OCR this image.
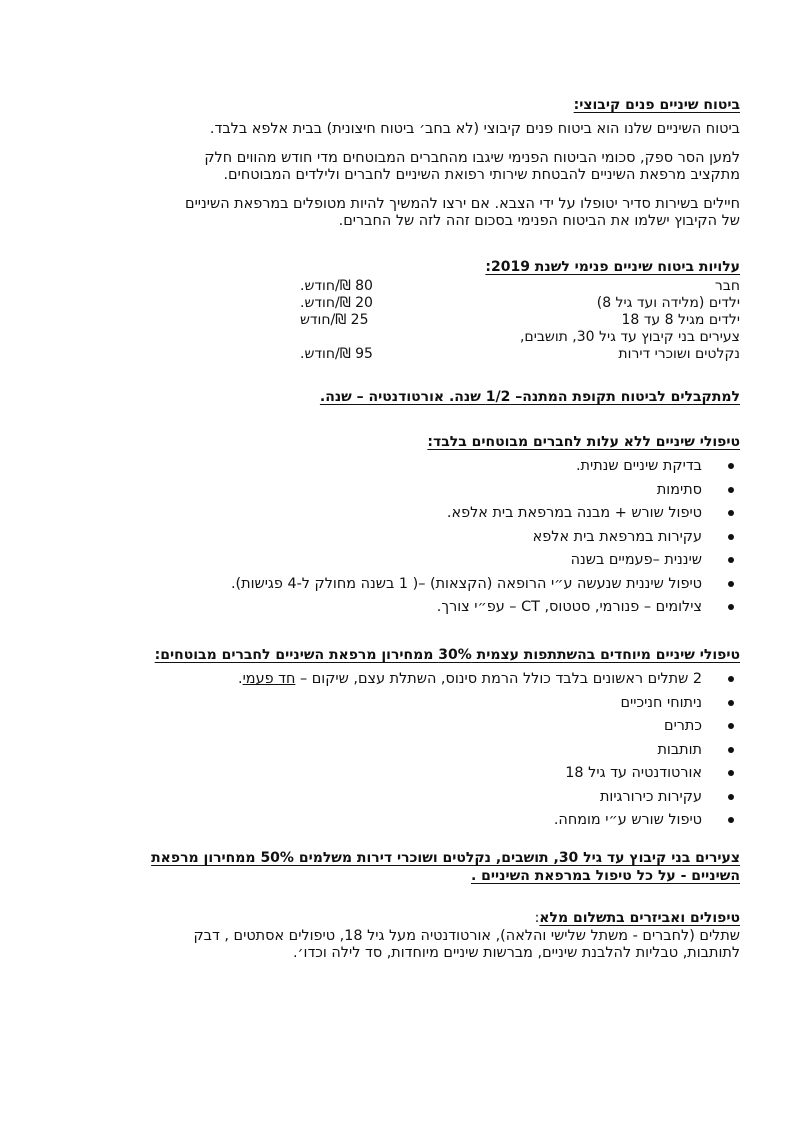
ביטוח שיניים פנים קיבוצי:
ביטוח השיניים שלנו הוא ביטוח פנים קיבוצי (לא בחב׳ ביטוח חיצונית) בבית אלפא בלבד.
למען הסר ספק, סכומי הביטוח הפנימי שיגבו מהחברים המבוטחים מדי חודש מהווים חלק
מתקציב מרפאת השיניים להבטחת שירותי רפואת השיניים לחברים ולילדים המבוטחים.
חיילים בשירות סדיר יטופלו על ידי הצבא. אם ירצו להמשיך להיות מטופלים במרפאת השיניים
של הקיבוץ ישלמו את הביטוח הפנימי בסכום זהה לזה של החברים.
עלויות ביטוח שיניים פנימי לשנת 2019:
חבר
80 ₪/חודש.
ילדים (מלידה ועד גיל 8)
20 ₪/חודש.
ילדים מגיל 8 עד 18
25 ₪/חודש
צעירים בני קיבוץ עד גיל 30, תושבים,
נקלטים ושוכרי דירות
95 ₪/חודש.
למתקבלים לביטוח תקופת המתנה– 1/2 שנה. אורטודנטיה – שנה.
טיפולי שיניים ללא עלות לחברים מבוטחים בלבד:
בדיקת שיניים שנתית.
סתימות
טיפול שורש + מבנה במרפאת בית אלפא.
עקירות במרפאת בית אלפא
שיננית –פעמיים בשנה
טיפול שיננית שנעשה ע״י הרופאה (הקצאות) –( 1 בשנה מחולק ל-4 פגישות).
צילומים – פנורמי, סטטוס, CT – עפ״י צורך.
טיפולי שיניים מיוחדים בהשתתפות עצמית 30% ממחירון מרפאת השיניים לחברים מבוטחים:
2 שתלים ראשונים בלבד כולל הרמת סינוס, השתלת עצם, שיקום – חד פעמי.
ניתוחי חניכיים
כתרים
תותבות
אורטודנטיה עד גיל 18
עקירות כירורגיות
טיפול שורש ע״י מומחה.
צעירים בני קיבוץ עד גיל 30, תושבים, נקלטים ושוכרי דירות משלמים 50% ממחירון מרפאת
השיניים - על כל טיפול במרפאת השיניים .
טיפולים ואביזרים בתשלום מלא:
שתלים (לחברים - משתל שלישי והלאה), אורטודנטיה מעל גיל 18, טיפולים אסתטים , דבק
לתותבות, טבליות להלבנת שיניים, מברשות שיניים מיוחדות, סד לילה וכדו׳.
